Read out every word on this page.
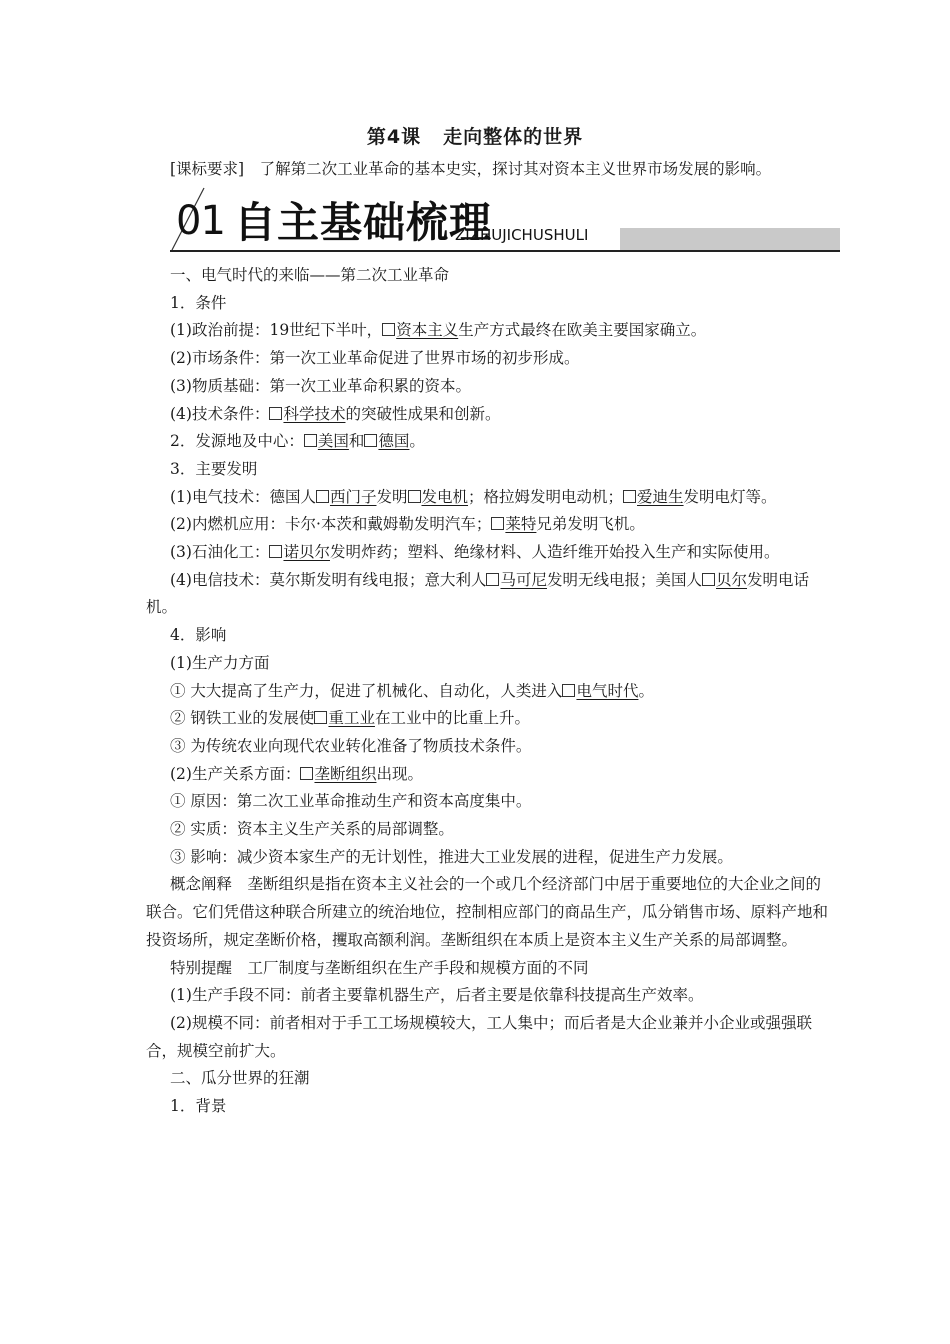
第4课 走向整体的世界
[课标要求]　了解第二次工业革命的基本史实，探讨其对资本主义世界市场发展的影响。
01 自主基础梳理
ZIZHUJICHUSHULI

一、电气时代的来临——第二次工业革命

1．条件

(1)政治前提：19世纪下半叶， 资本主义生产方式最终在欧美主要国家确立。

(2)市场条件：第一次工业革命促进了世界市场的初步形成。

(3)物质基础：第一次工业革命积累的资本。

(4)技术条件： 科学技术的突破性成果和创新。

2．发源地及中心： 美国和 德国。

3．主要发明

(1)电气技术：德国人 西门子发明 发电机；格拉姆发明电动机； 爱迪生发明电灯等。

(2)内燃机应用：卡尔·本茨和戴姆勒发明汽车； 莱特兄弟发明飞机。

(3)石油化工： 诺贝尔发明炸药；塑料、绝缘材料、人造纤维开始投入生产和实际使用。

(4)电信技术：莫尔斯发明有线电报；意大利人 马可尼发明无线电报；美国人 贝尔发明电话机。

4．影响

(1)生产力方面

① 大大提高了生产力，促进了机械化、自动化，人类进入 电气时代。

② 钢铁工业的发展使 重工业在工业中的比重上升。

③ 为传统农业向现代农业转化准备了物质技术条件。

(2)生产关系方面： 垄断组织出现。

① 原因：第二次工业革命推动生产和资本高度集中。

② 实质：资本主义生产关系的局部调整。

③ 影响：减少资本家生产的无计划性，推进大工业发展的进程，促进生产力发展。

概念阐释　垄断组织是指在资本主义社会的一个或几个经济部门中居于重要地位的大企业之间的联合。它们凭借这种联合所建立的统治地位，控制相应部门的商品生产，瓜分销售市场、原料产地和投资场所，规定垄断价格，攫取高额利润。垄断组织在本质上是资本主义生产关系的局部调整。

特别提醒　工厂制度与垄断组织在生产手段和规模方面的不同

(1)生产手段不同：前者主要靠机器生产，后者主要是依靠科技提高生产效率。

(2)规模不同：前者相对于手工工场规模较大，工人集中；而后者是大企业兼并小企业或强强联合，规模空前扩大。

二、瓜分世界的狂潮

1．背景
